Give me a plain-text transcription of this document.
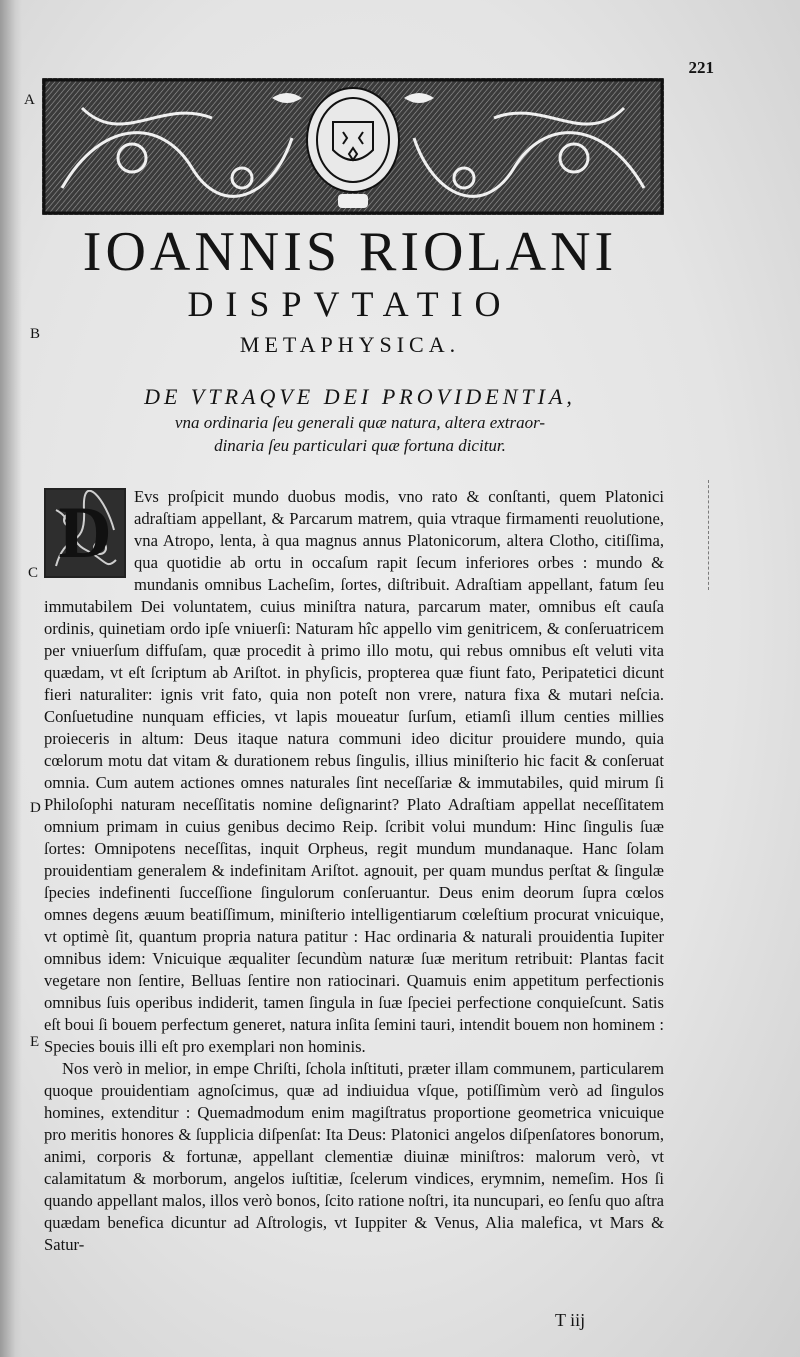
221
A
B
C
D
E
IOANNIS RIOLANI
DISPVTATIO
METAPHYSICA.
DE VTRAQVE DEI PROVIDENTIA,
vna ordinaria ſeu generali quæ natura, altera extraor-
dinaria ſeu particulari quæ fortuna dicitur.
D	Evs proſpicit mundo duobus modis, vno rato & conſtanti, quem Platonici adraſtiam appellant, & Parcarum matrem, quia vtraque firmamenti reuolutione, vna Atropo, lenta, à qua magnus annus Platonicorum, altera Clotho, citiſſima, qua quotidie ab ortu in occaſum rapit ſecum inferiores orbes : mundo & mundanis omnibus Lacheſim, ſortes, diſtribuit. Adraſtiam appellant, fatum ſeu immutabilem Dei voluntatem, cuius miniſtra natura, parcarum mater, omnibus eſt cauſa ordinis, quinetiam ordo ipſe vniuerſi: Naturam hîc appello vim genitricem, & conſeruatricem per vniuerſum diffuſam, quæ procedit à primo illo motu, qui rebus omnibus eſt veluti vita quædam, vt eſt ſcriptum ab Ariſtot. in phyſicis, propterea quæ fiunt fato, Peripatetici dicunt fieri naturaliter: ignis vrit fato, quia non poteſt non vrere, natura fixa & mutari neſcia. Conſuetudine nunquam efficies, vt lapis moueatur ſurſum, etiamſi illum centies millies proieceris in altum: Deus itaque natura communi ideo dicitur prouidere mundo, quia cœlorum motu dat vitam & durationem rebus ſingulis, illius miniſterio hic facit & conſeruat omnia. Cum autem actiones omnes naturales ſint neceſſariæ & immutabiles, quid mirum ſi Philoſophi naturam neceſſitatis nomine deſignarint? Plato Adraſtiam appellat neceſſitatem omnium primam in cuius genibus decimo Reip. ſcribit volui mundum: Hinc ſingulis ſuæ ſortes: Omnipotens neceſſitas, inquit Orpheus, regit mundum mundanaque. Hanc ſolam prouidentiam generalem & indefinitam Ariſtot. agnouit, per quam mundus perſtat & ſingulæ ſpecies indefinenti ſucceſſione ſingulorum conſeruantur. Deus enim deorum ſupra cœlos omnes degens æuum beatiſſimum, miniſterio intelligentiarum cœleſtium procurat vnicuique, vt optimè ſit, quantum propria natura patitur : Hac ordinaria & naturali prouidentia Iupiter omnibus idem: Vnicuique æqualiter ſecundùm naturæ ſuæ meritum retribuit: Plantas facit vegetare non ſentire, Belluas ſentire non ratiocinari. Quamuis enim appetitum perfectionis omnibus ſuis operibus indiderit, tamen ſingula in ſuæ ſpeciei perfectione conquieſcunt. Satis eſt boui ſi bouem perfectum generet, natura inſita ſemini tauri, intendit bouem non hominem : Species bouis illi eſt pro exemplari non hominis.

Nos verò in melior, in empe Chriſti, ſchola inſtituti, præter illam communem, particularem quoque prouidentiam agnoſcimus, quæ ad indiuidua vſque, potiſſimùm verò ad ſingulos homines, extenditur : Quemadmodum enim magiſtratus proportione geometrica vnicuique pro meritis honores & ſupplicia diſpenſat: Ita Deus: Platonici angelos diſpenſatores bonorum, animi, corporis & fortunæ, appellant clementiæ diuinæ miniſtros: malorum verò, vt calamitatum & morborum, angelos iuſtitiæ, ſcelerum vindices, erymnim, nemeſim. Hos ſi quando appellant malos, illos verò bonos, ſcito ratione noſtri, ita nuncupari, eo ſenſu quo aſtra quædam benefica dicuntur ad Aſtrologis, vt Iuppiter & Venus, Alia malefica, vt Mars & Satur-

T iij
